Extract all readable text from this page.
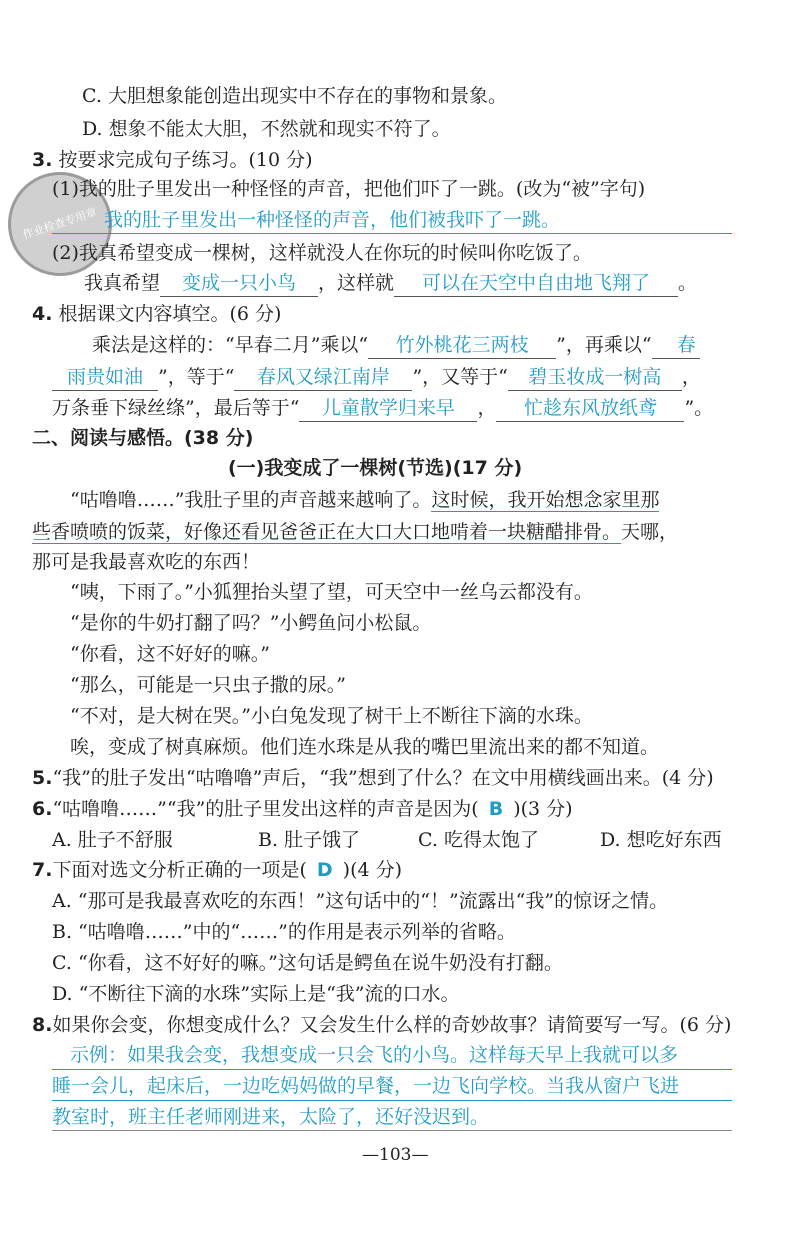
作业检查专用章
C. 大胆想象能创造出现实中不存在的事物和景象。
D. 想象不能太大胆，不然就和现实不符了。
3. 按要求完成句子练习。(10 分)
(1)我的肚子里发出一种怪怪的声音，把他们吓了一跳。(改为“被”字句)
我的肚子里发出一种怪怪的声音，他们被我吓了一跳。
(2)我真希望变成一棵树，这样就没人在你玩的时候叫你吃饭了。
我真希望 变成一只小鸟 ，这样就 可以在天空中自由地飞翔了 。
4. 根据课文内容填空。(6 分)
乘法是这样的：“早春二月”乘以“ 竹外桃花三两枝 ”，再乘以“ 春
雨贵如油 ”，等于“ 春风又绿江南岸 ”，又等于“ 碧玉妆成一树高 ，
万条垂下绿丝绦”，最后等于“ 儿童散学归来早 ， 忙趁东风放纸鸢 ”。
二、阅读与感悟。(38 分)
(一)我变成了一棵树(节选)(17 分)
“咕噜噜……”我肚子里的声音越来越响了。这时候，我开始想念家里那
些香喷喷的饭菜，好像还看见爸爸正在大口大口地啃着一块糖醋排骨。天哪，
那可是我最喜欢吃的东西！
“咦，下雨了。”小狐狸抬头望了望，可天空中一丝乌云都没有。
“是你的牛奶打翻了吗？”小鳄鱼问小松鼠。
“你看，这不好好的嘛。”
“那么，可能是一只虫子撒的尿。”
“不对，是大树在哭。”小白兔发现了树干上不断往下滴的水珠。
唉，变成了树真麻烦。他们连水珠是从我的嘴巴里流出来的都不知道。
5.“我”的肚子发出“咕噜噜”声后，“我”想到了什么？在文中用横线画出来。(4 分)
6.“咕噜噜……”“我”的肚子里发出这样的声音是因为( B )(3 分)
A. 肚子不舒服	B. 肚子饿了	C. 吃得太饱了	D. 想吃好东西
7.下面对选文分析正确的一项是( D )(4 分)
A. “那可是我最喜欢吃的东西！”这句话中的“！”流露出“我”的惊讶之情。
B. “咕噜噜……”中的“……”的作用是表示列举的省略。
C. “你看，这不好好的嘛。”这句话是鳄鱼在说牛奶没有打翻。
D. “不断往下滴的水珠”实际上是“我”流的口水。
8.如果你会变，你想变成什么？又会发生什么样的奇妙故事？请简要写一写。(6 分)
示例：如果我会变，我想变成一只会飞的小鸟。这样每天早上我就可以多
睡一会儿，起床后，一边吃妈妈做的早餐，一边飞向学校。当我从窗户飞进
教室时，班主任老师刚进来，太险了，还好没迟到。
—103—
